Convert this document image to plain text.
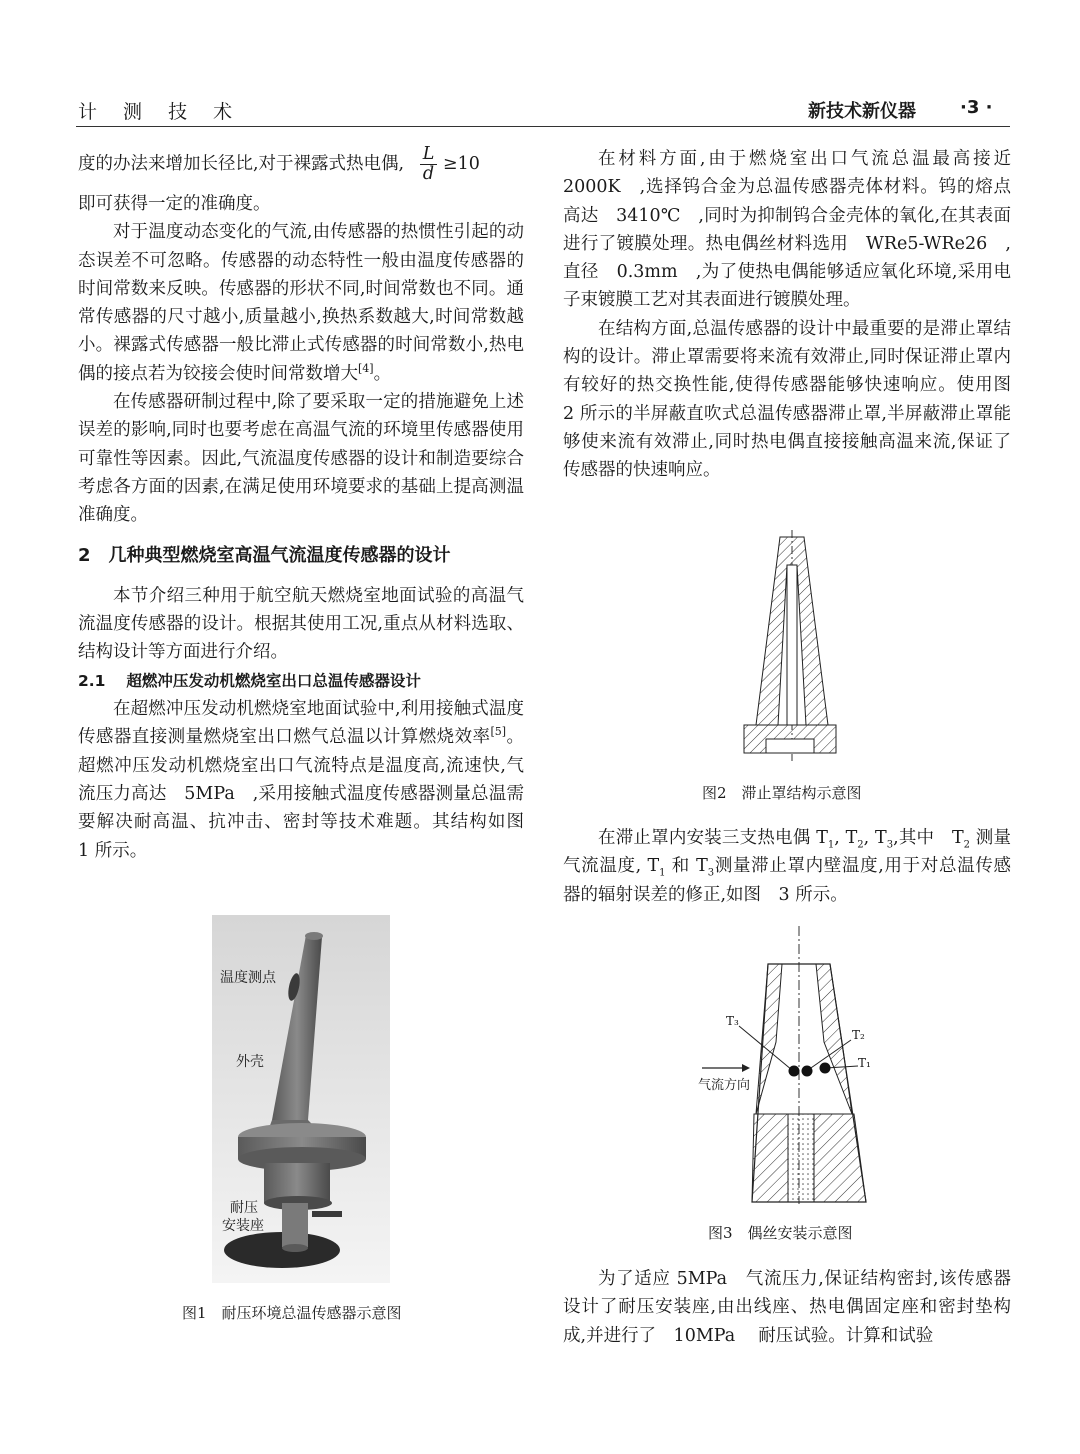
计 测 技 术	新技术新仪器 ·3 ·

度的办法来增加长径比,对于裸露式热电偶, $\frac{L}{d} \ge 10$

即可获得一定的准确度。

对于温度动态变化的气流,由传感器的热惯性引起的动态误差不可忽略。传感器的动态特性一般由温度传感器的时间常数来反映。传感器的形状不同,时间常数也不同。通常传感器的尺寸越小,质量越小,换热系数越大,时间常数越小。裸露式传感器一般比滞止式传感器的时间常数小,热电偶的接点若为铰接会使时间常数增大[4]。

在传感器研制过程中,除了要采取一定的措施避免上述误差的影响,同时也要考虑在高温气流的环境里传感器使用可靠性等因素。因此,气流温度传感器的设计和制造要综合考虑各方面的因素,在满足使用环境要求的基础上提高测温准确度。

2　几种典型燃烧室高温气流温度传感器的设计

本节介绍三种用于航空航天燃烧室地面试验的高温气流温度传感器的设计。根据其使用工况,重点从材料选取、结构设计等方面进行介绍。

2.1　 超燃冲压发动机燃烧室出口总温传感器设计

在超燃冲压发动机燃烧室地面试验中,利用接触式温度传感器直接测量燃烧室出口燃气总温以计算燃烧效率[5]。超燃冲压发动机燃烧室出口气流特点是温度高,流速快,气流压力高达　5MPa　,采用接触式温度传感器测量总温需要解决耐高温、抗冲击、密封等技术难题。其结构如图　1 所示。

温度测点
外壳
耐压
安装座
图1　耐压环境总温传感器示意图

在材料方面,由于燃烧室出口气流总温最高接近　2000K　,选择钨合金为总温传感器壳体材料。钨的熔点高达　3410℃　,同时为抑制钨合金壳体的氧化,在其表面进行了镀膜处理。热电偶丝材料选用　WRe5-WRe26　,直径　0.3mm　,为了使热电偶能够适应氧化环境,采用电子束镀膜工艺对其表面进行镀膜处理。

在结构方面,总温传感器的设计中最重要的是滞止罩结构的设计。滞止罩需要将来流有效滞止,同时保证滞止罩内有较好的热交换性能,使得传感器能够快速响应。使用图　2 所示的半屏蔽直吹式总温传感器滞止罩,半屏蔽滞止罩能够使来流有效滞止,同时热电偶直接接触高温来流,保证了传感器的快速响应。

图2　滞止罩结构示意图

在滞止罩内安装三支热电偶 $T_1$, $T_2$, $T_3$,其中　$T_2$ 测量气流温度, $T_1$ 和 $T_3$测量滞止罩内壁温度,用于对总温传感器的辐射误差的修正,如图　3 所示。

T₃
T₂
T₁
气流方向
图3　偶丝安装示意图

为了适应 5MPa　气流压力,保证结构密封,该传感器设计了耐压安装座,由出线座、热电偶固定座和密封垫构成,并进行了　10MPa　 耐压试验。计算和试验
